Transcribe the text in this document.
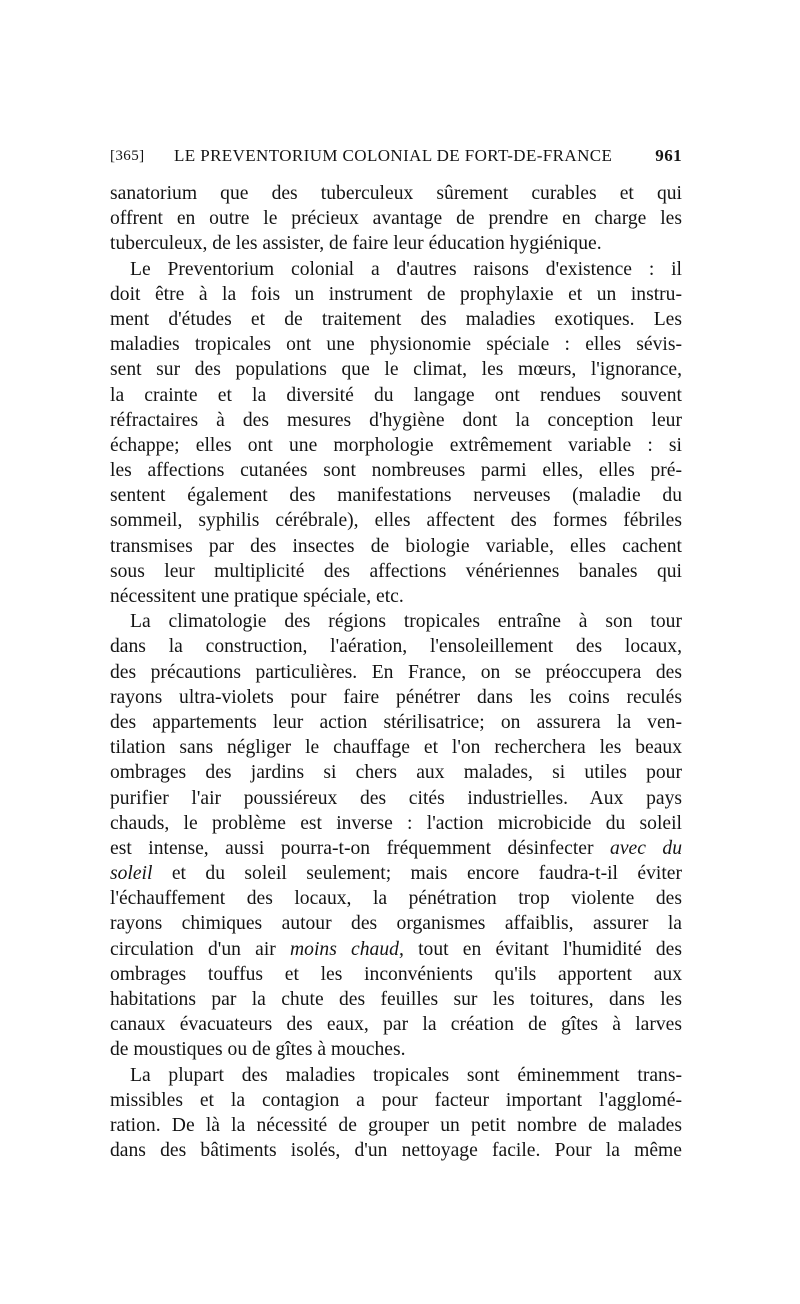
[365] LE PREVENTORIUM COLONIAL DE FORT-DE-FRANCE	961
sanatorium que des tuberculeux sûrement curables et qui
offrent en outre le précieux avantage de prendre en charge les
tuberculeux, de les assister, de faire leur éducation hygiénique.
Le Preventorium colonial a d'autres raisons d'existence : il
doit être à la fois un instrument de prophylaxie et un instru-
ment d'études et de traitement des maladies exotiques. Les
maladies tropicales ont une physionomie spéciale : elles sévis-
sent sur des populations que le climat, les mœurs, l'ignorance,
la crainte et la diversité du langage ont rendues souvent
réfractaires à des mesures d'hygiène dont la conception leur
échappe; elles ont une morphologie extrêmement variable : si
les affections cutanées sont nombreuses parmi elles, elles pré-
sentent également des manifestations nerveuses (maladie du
sommeil, syphilis cérébrale), elles affectent des formes fébriles
transmises par des insectes de biologie variable, elles cachent
sous leur multiplicité des affections vénériennes banales qui
nécessitent une pratique spéciale, etc.
La climatologie des régions tropicales entraîne à son tour
dans la construction, l'aération, l'ensoleillement des locaux,
des précautions particulières. En France, on se préoccupera des
rayons ultra-violets pour faire pénétrer dans les coins reculés
des appartements leur action stérilisatrice; on assurera la ven-
tilation sans négliger le chauffage et l'on recherchera les beaux
ombrages des jardins si chers aux malades, si utiles pour
purifier l'air poussiéreux des cités industrielles. Aux pays
chauds, le problème est inverse : l'action microbicide du soleil
est intense, aussi pourra-t-on fréquemment désinfecter avec du
soleil et du soleil seulement; mais encore faudra-t-il éviter
l'échauffement des locaux, la pénétration trop violente des
rayons chimiques autour des organismes affaiblis, assurer la
circulation d'un air moins chaud, tout en évitant l'humidité des
ombrages touffus et les inconvénients qu'ils apportent aux
habitations par la chute des feuilles sur les toitures, dans les
canaux évacuateurs des eaux, par la création de gîtes à larves
de moustiques ou de gîtes à mouches.
La plupart des maladies tropicales sont éminemment trans-
missibles et la contagion a pour facteur important l'agglomé-
ration. De là la nécessité de grouper un petit nombre de malades
dans des bâtiments isolés, d'un nettoyage facile. Pour la même
